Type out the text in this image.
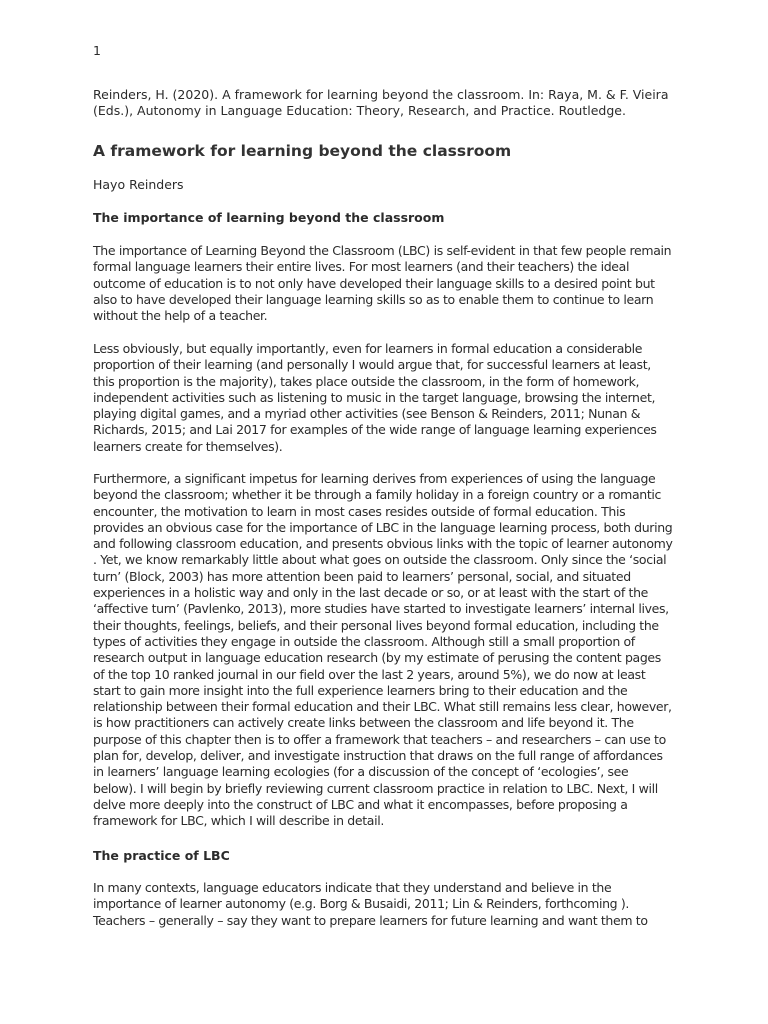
1
Reinders, H. (2020). A framework for learning beyond the classroom. In: Raya, M. & F. Vieira (Eds.), Autonomy in Language Education: Theory, Research, and Practice. Routledge.
A framework for learning beyond the classroom
Hayo Reinders
The importance of learning beyond the classroom

The importance of Learning Beyond the Classroom (LBC) is self-evident in that few people remain formal language learners their entire lives. For most learners (and their teachers) the ideal outcome of education is to not only have developed their language skills to a desired point but also to have developed their language learning skills so as to enable them to continue to learn without the help of a teacher.

Less obviously, but equally importantly, even for learners in formal education a considerable proportion of their learning (and personally I would argue that, for successful learners at least, this proportion is the majority), takes place outside the classroom, in the form of homework, independent activities such as listening to music in the target language, browsing the internet, playing digital games, and a myriad other activities (see Benson & Reinders, 2011; Nunan & Richards, 2015; and Lai 2017 for examples of the wide range of language learning experiences learners create for themselves).

Furthermore, a significant impetus for learning derives from experiences of using the language beyond the classroom; whether it be through a family holiday in a foreign country or a romantic encounter, the motivation to learn in most cases resides outside of formal education. This provides an obvious case for the importance of LBC in the language learning process, both during and following classroom education, and presents obvious links with the topic of learner autonomy . Yet, we know remarkably little about what goes on outside the classroom. Only since the ‘social turn’ (Block, 2003) has more attention been paid to learners’ personal, social, and situated experiences in a holistic way and only in the last decade or so, or at least with the start of the ‘affective turn’ (Pavlenko, 2013), more studies have started to investigate learners’ internal lives, their thoughts, feelings, beliefs, and their personal lives beyond formal education, including the types of activities they engage in outside the classroom. Although still a small proportion of research output in language education research (by my estimate of perusing the content pages of the top 10 ranked journal in our field over the last 2 years, around 5%), we do now at least start to gain more insight into the full experience learners bring to their education and the relationship between their formal education and their LBC. What still remains less clear, however, is how practitioners can actively create links between the classroom and life beyond it. The purpose of this chapter then is to offer a framework that teachers – and researchers – can use to plan for, develop, deliver, and investigate instruction that draws on the full range of affordances in learners’ language learning ecologies (for a discussion of the concept of ‘ecologies’, see below). I will begin by briefly reviewing current classroom practice in relation to LBC. Next, I will delve more deeply into the construct of LBC and what it encompasses, before proposing a framework for LBC, which I will describe in detail.

The practice of LBC

In many contexts, language educators indicate that they understand and believe in the importance of learner autonomy (e.g. Borg & Busaidi, 2011; Lin & Reinders, forthcoming ). Teachers – generally – say they want to prepare learners for future learning and want them to
